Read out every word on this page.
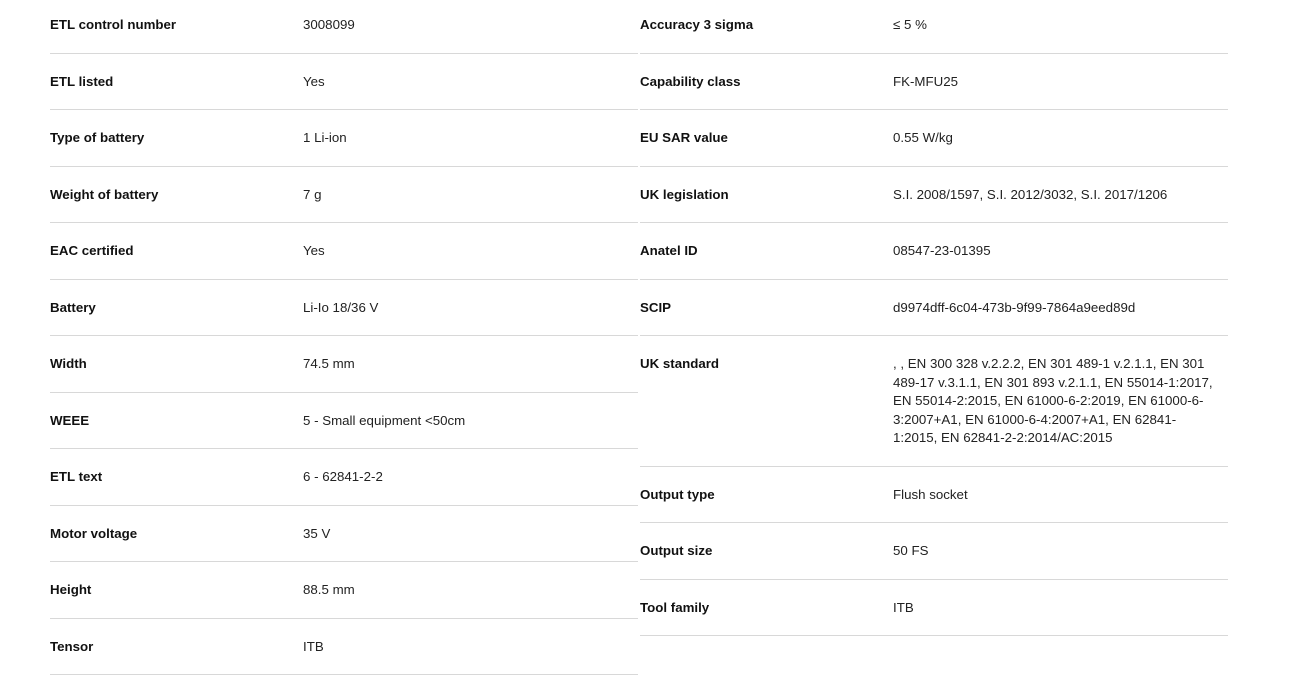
ETL control number	3008099
ETL listed	Yes
Type of battery	1 Li-ion
Weight of battery	7 g
EAC certified	Yes
Battery	Li-Io 18/36 V
Width	74.5 mm
WEEE	5 - Small equipment <50cm
ETL text	6 - 62841-2-2
Motor voltage	35 V
Height	88.5 mm
Tensor	ITB
Accuracy 3 sigma	≤ 5 %
Capability class	FK-MFU25
EU SAR value	0.55 W/kg
UK legislation	S.I. 2008/1597, S.I. 2012/3032, S.I. 2017/1206
Anatel ID	08547-23-01395
SCIP	d9974dff-6c04-473b-9f99-7864a9eed89d
UK standard	, , EN 300 328 v.2.2.2, EN 301 489-1 v.2.1.1, EN 301 489-17 v.3.1.1, EN 301 893 v.2.1.1, EN 55014-1:2017, EN 55014-2:2015, EN 61000-6-2:2019, EN 61000-6-3:2007+A1, EN 61000-6-4:2007+A1, EN 62841-1:2015, EN 62841-2-2:2014/AC:2015
Output type	Flush socket
Output size	50 FS
Tool family	ITB
